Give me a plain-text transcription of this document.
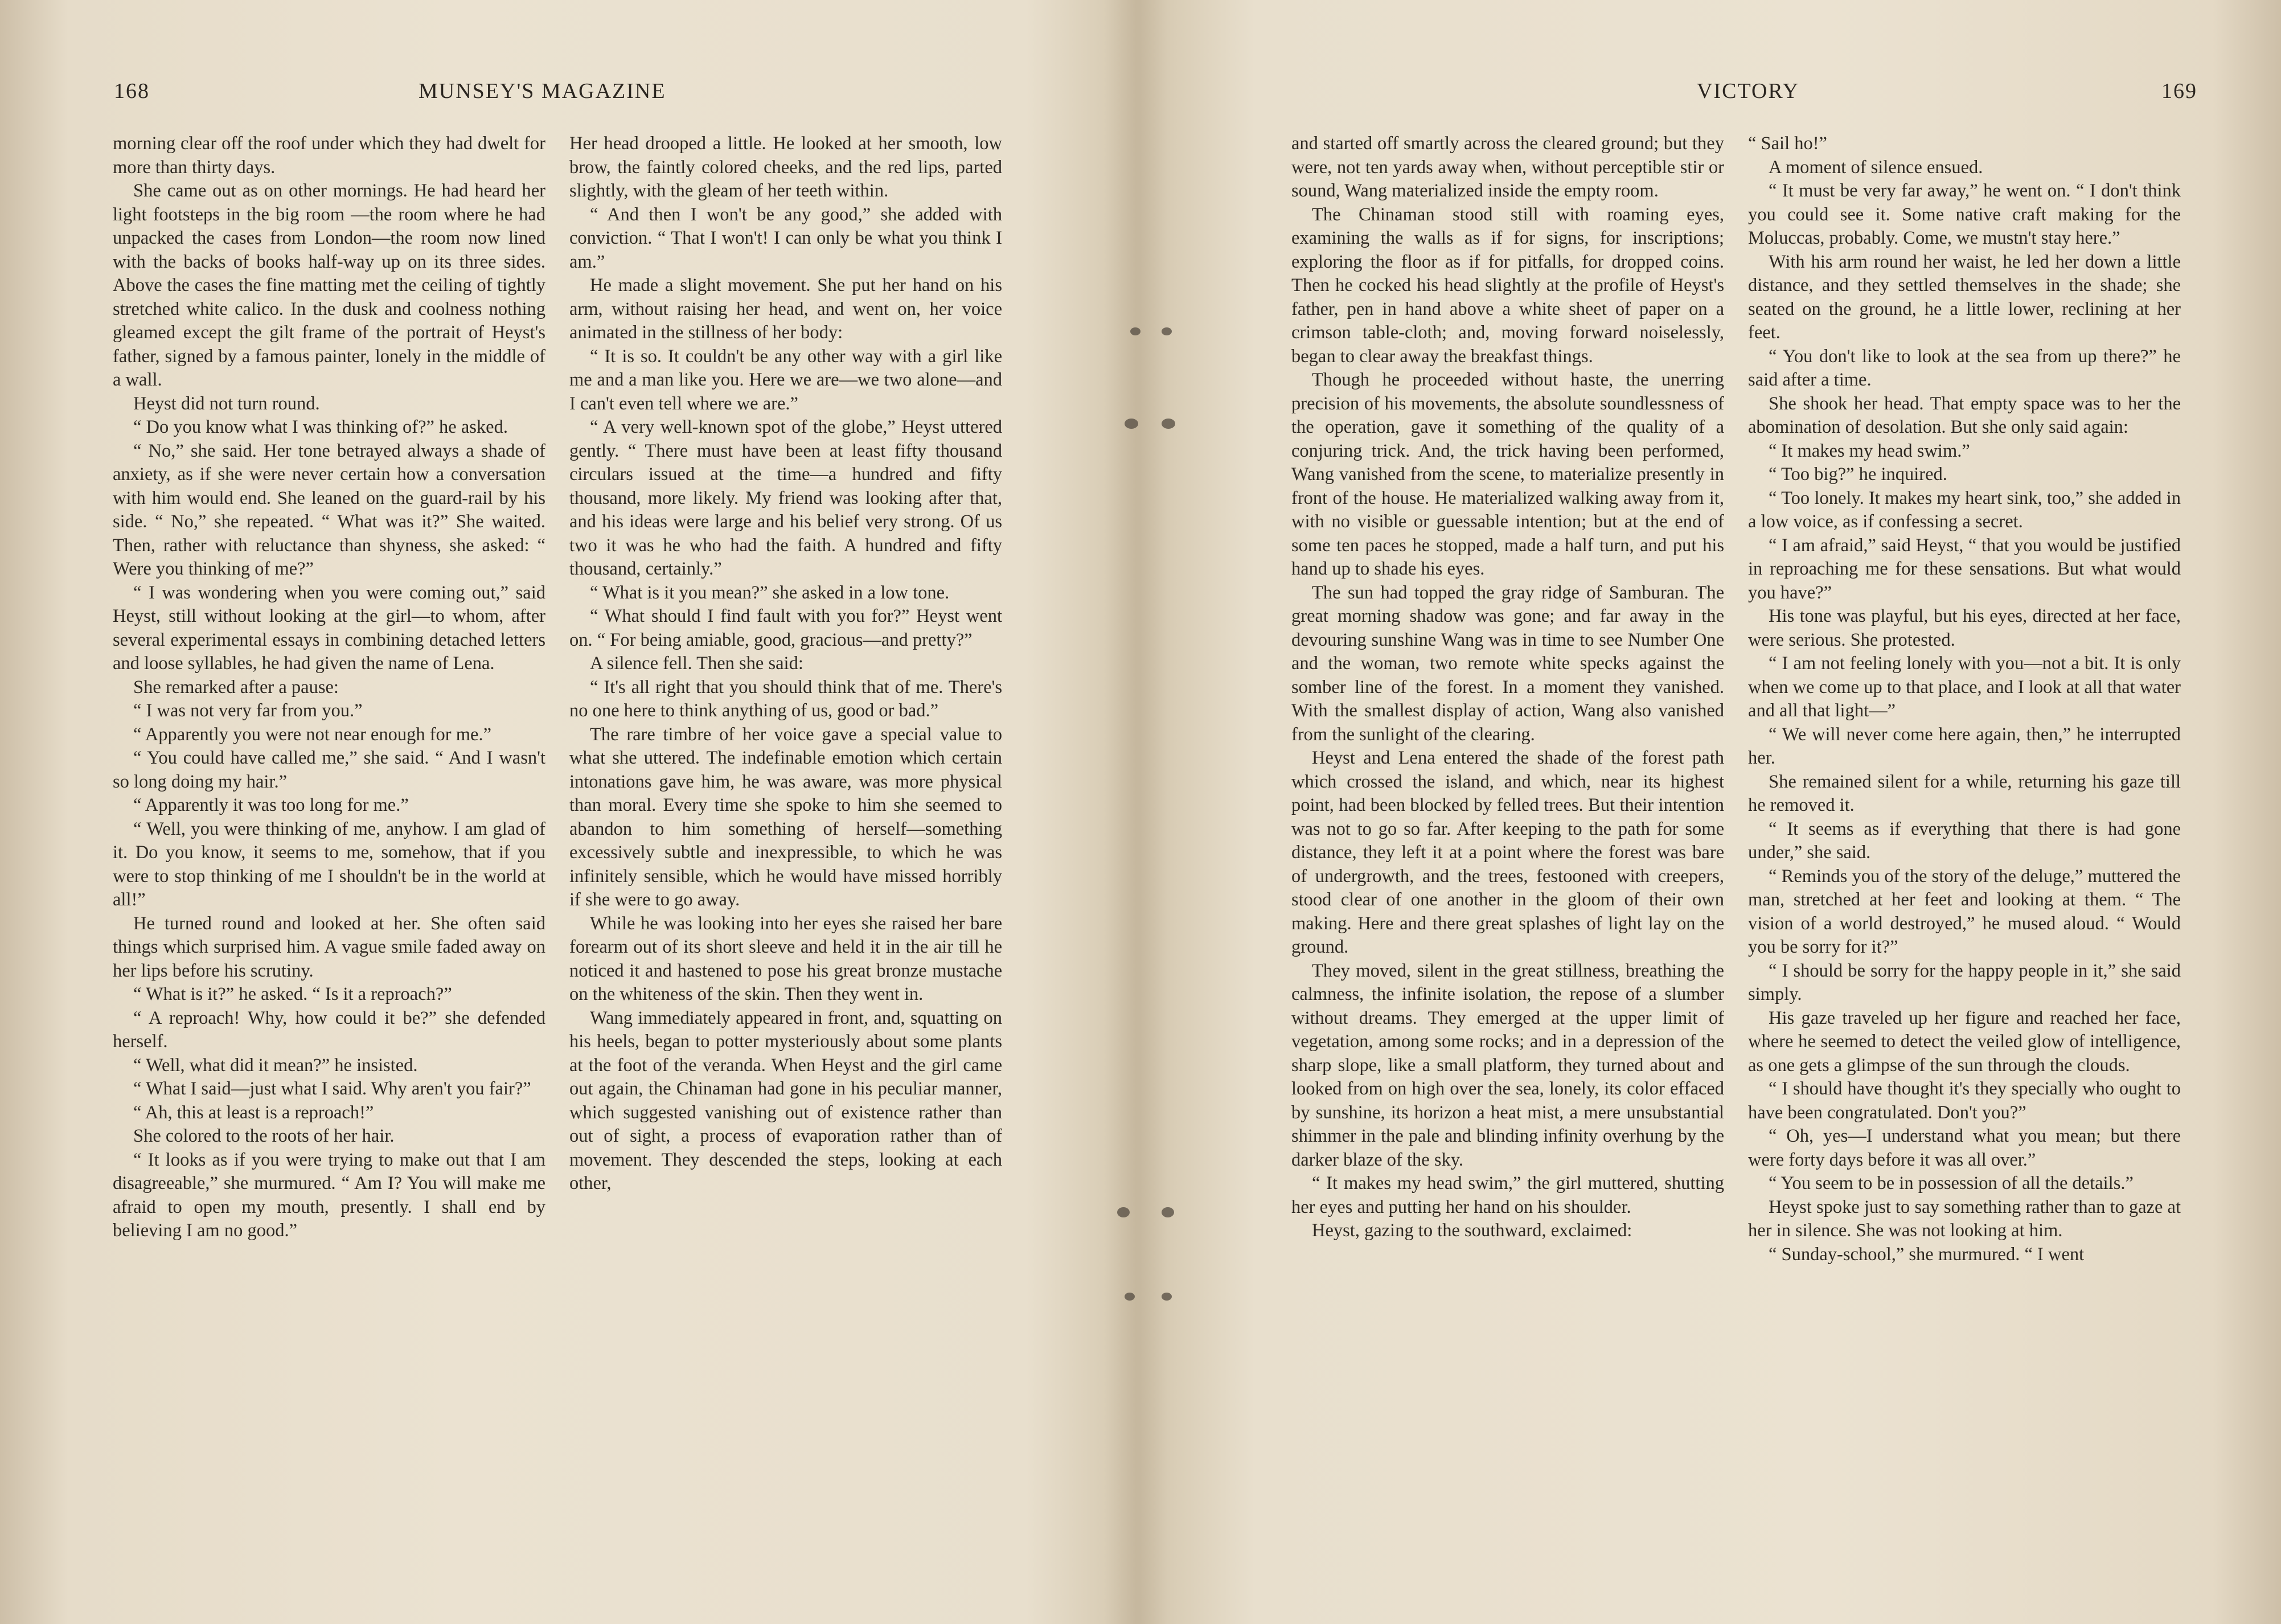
168	MUNSEY'S MAGAZINE	VICTORY	169

morning clear off the roof under which they had dwelt for more than thirty days.

She came out as on other mornings. He had heard her light footsteps in the big room —the room where he had unpacked the cases from London—the room now lined with the backs of books half-way up on its three sides. Above the cases the fine matting met the ceiling of tightly stretched white calico. In the dusk and coolness nothing gleamed except the gilt frame of the portrait of Heyst's father, signed by a famous painter, lonely in the middle of a wall.

Heyst did not turn round.

“ Do you know what I was thinking of?” he asked.

“ No,” she said. Her tone betrayed always a shade of anxiety, as if she were never certain how a conversation with him would end. She leaned on the guard-rail by his side. “ No,” she repeated. “ What was it?” She waited. Then, rather with reluctance than shyness, she asked: “ Were you thinking of me?”

“ I was wondering when you were coming out,” said Heyst, still without looking at the girl—to whom, after several experimental essays in combining detached letters and loose syllables, he had given the name of Lena.

She remarked after a pause:

“ I was not very far from you.”

“ Apparently you were not near enough for me.”

“ You could have called me,” she said. “ And I wasn't so long doing my hair.”

“ Apparently it was too long for me.”

“ Well, you were thinking of me, anyhow. I am glad of it. Do you know, it seems to me, somehow, that if you were to stop thinking of me I shouldn't be in the world at all!”

He turned round and looked at her. She often said things which surprised him. A vague smile faded away on her lips before his scrutiny.

“ What is it?” he asked. “ Is it a reproach?”

“ A reproach! Why, how could it be?” she defended herself.

“ Well, what did it mean?” he insisted.

“ What I said—just what I said. Why aren't you fair?”

“ Ah, this at least is a reproach!”

She colored to the roots of her hair.

“ It looks as if you were trying to make out that I am disagreeable,” she murmured. “ Am I? You will make me afraid to open my mouth, presently. I shall end by believing I am no good.”

Her head drooped a little. He looked at her smooth, low brow, the faintly colored cheeks, and the red lips, parted slightly, with the gleam of her teeth within.

“ And then I won't be any good,” she added with conviction. “ That I won't! I can only be what you think I am.”

He made a slight movement. She put her hand on his arm, without raising her head, and went on, her voice animated in the stillness of her body:

“ It is so. It couldn't be any other way with a girl like me and a man like you. Here we are—we two alone—and I can't even tell where we are.”

“ A very well-known spot of the globe,” Heyst uttered gently. “ There must have been at least fifty thousand circulars issued at the time—a hundred and fifty thousand, more likely. My friend was looking after that, and his ideas were large and his belief very strong. Of us two it was he who had the faith. A hundred and fifty thousand, certainly.”

“ What is it you mean?” she asked in a low tone.

“ What should I find fault with you for?” Heyst went on. “ For being amiable, good, gracious—and pretty?”

A silence fell. Then she said:

“ It's all right that you should think that of me. There's no one here to think anything of us, good or bad.”

The rare timbre of her voice gave a special value to what she uttered. The indefinable emotion which certain intonations gave him, he was aware, was more physical than moral. Every time she spoke to him she seemed to abandon to him something of herself—something excessively subtle and inexpressible, to which he was infinitely sensible, which he would have missed horribly if she were to go away.

While he was looking into her eyes she raised her bare forearm out of its short sleeve and held it in the air till he noticed it and hastened to pose his great bronze mustache on the whiteness of the skin. Then they went in.

Wang immediately appeared in front, and, squatting on his heels, began to potter mysteriously about some plants at the foot of the veranda. When Heyst and the girl came out again, the Chinaman had gone in his peculiar manner, which suggested vanishing out of existence rather than out of sight, a process of evaporation rather than of movement. They descended the steps, looking at each other,

and started off smartly across the cleared ground; but they were, not ten yards away when, without perceptible stir or sound, Wang materialized inside the empty room.

The Chinaman stood still with roaming eyes, examining the walls as if for signs, for inscriptions; exploring the floor as if for pitfalls, for dropped coins. Then he cocked his head slightly at the profile of Heyst's father, pen in hand above a white sheet of paper on a crimson table-cloth; and, moving forward noiselessly, began to clear away the breakfast things.

Though he proceeded without haste, the unerring precision of his movements, the absolute soundlessness of the operation, gave it something of the quality of a conjuring trick. And, the trick having been performed, Wang vanished from the scene, to materialize presently in front of the house. He materialized walking away from it, with no visible or guessable intention; but at the end of some ten paces he stopped, made a half turn, and put his hand up to shade his eyes.

The sun had topped the gray ridge of Samburan. The great morning shadow was gone; and far away in the devouring sunshine Wang was in time to see Number One and the woman, two remote white specks against the somber line of the forest. In a moment they vanished. With the smallest display of action, Wang also vanished from the sunlight of the clearing.

Heyst and Lena entered the shade of the forest path which crossed the island, and which, near its highest point, had been blocked by felled trees. But their intention was not to go so far. After keeping to the path for some distance, they left it at a point where the forest was bare of undergrowth, and the trees, festooned with creepers, stood clear of one another in the gloom of their own making. Here and there great splashes of light lay on the ground.

They moved, silent in the great stillness, breathing the calmness, the infinite isolation, the repose of a slumber without dreams. They emerged at the upper limit of vegetation, among some rocks; and in a depression of the sharp slope, like a small platform, they turned about and looked from on high over the sea, lonely, its color effaced by sunshine, its horizon a heat mist, a mere unsubstantial shimmer in the pale and blinding infinity overhung by the darker blaze of the sky.

“ It makes my head swim,” the girl muttered, shutting her eyes and putting her hand on his shoulder.

Heyst, gazing to the southward, exclaimed:

“ Sail ho!”

A moment of silence ensued.

“ It must be very far away,” he went on. “ I don't think you could see it. Some native craft making for the Moluccas, probably. Come, we mustn't stay here.”

With his arm round her waist, he led her down a little distance, and they settled themselves in the shade; she seated on the ground, he a little lower, reclining at her feet.

“ You don't like to look at the sea from up there?” he said after a time.

She shook her head. That empty space was to her the abomination of desolation. But she only said again:

“ It makes my head swim.”

“ Too big?” he inquired.

“ Too lonely. It makes my heart sink, too,” she added in a low voice, as if confessing a secret.

“ I am afraid,” said Heyst, “ that you would be justified in reproaching me for these sensations. But what would you have?”

His tone was playful, but his eyes, directed at her face, were serious. She protested.

“ I am not feeling lonely with you—not a bit. It is only when we come up to that place, and I look at all that water and all that light—”

“ We will never come here again, then,” he interrupted her.

She remained silent for a while, returning his gaze till he removed it.

“ It seems as if everything that there is had gone under,” she said.

“ Reminds you of the story of the deluge,” muttered the man, stretched at her feet and looking at them. “ The vision of a world destroyed,” he mused aloud. “ Would you be sorry for it?”

“ I should be sorry for the happy people in it,” she said simply.

His gaze traveled up her figure and reached her face, where he seemed to detect the veiled glow of intelligence, as one gets a glimpse of the sun through the clouds.

“ I should have thought it's they specially who ought to have been congratulated. Don't you?”

“ Oh, yes—I understand what you mean; but there were forty days before it was all over.”

“ You seem to be in possession of all the details.”

Heyst spoke just to say something rather than to gaze at her in silence. She was not looking at him.

“ Sunday-school,” she murmured. “ I went
